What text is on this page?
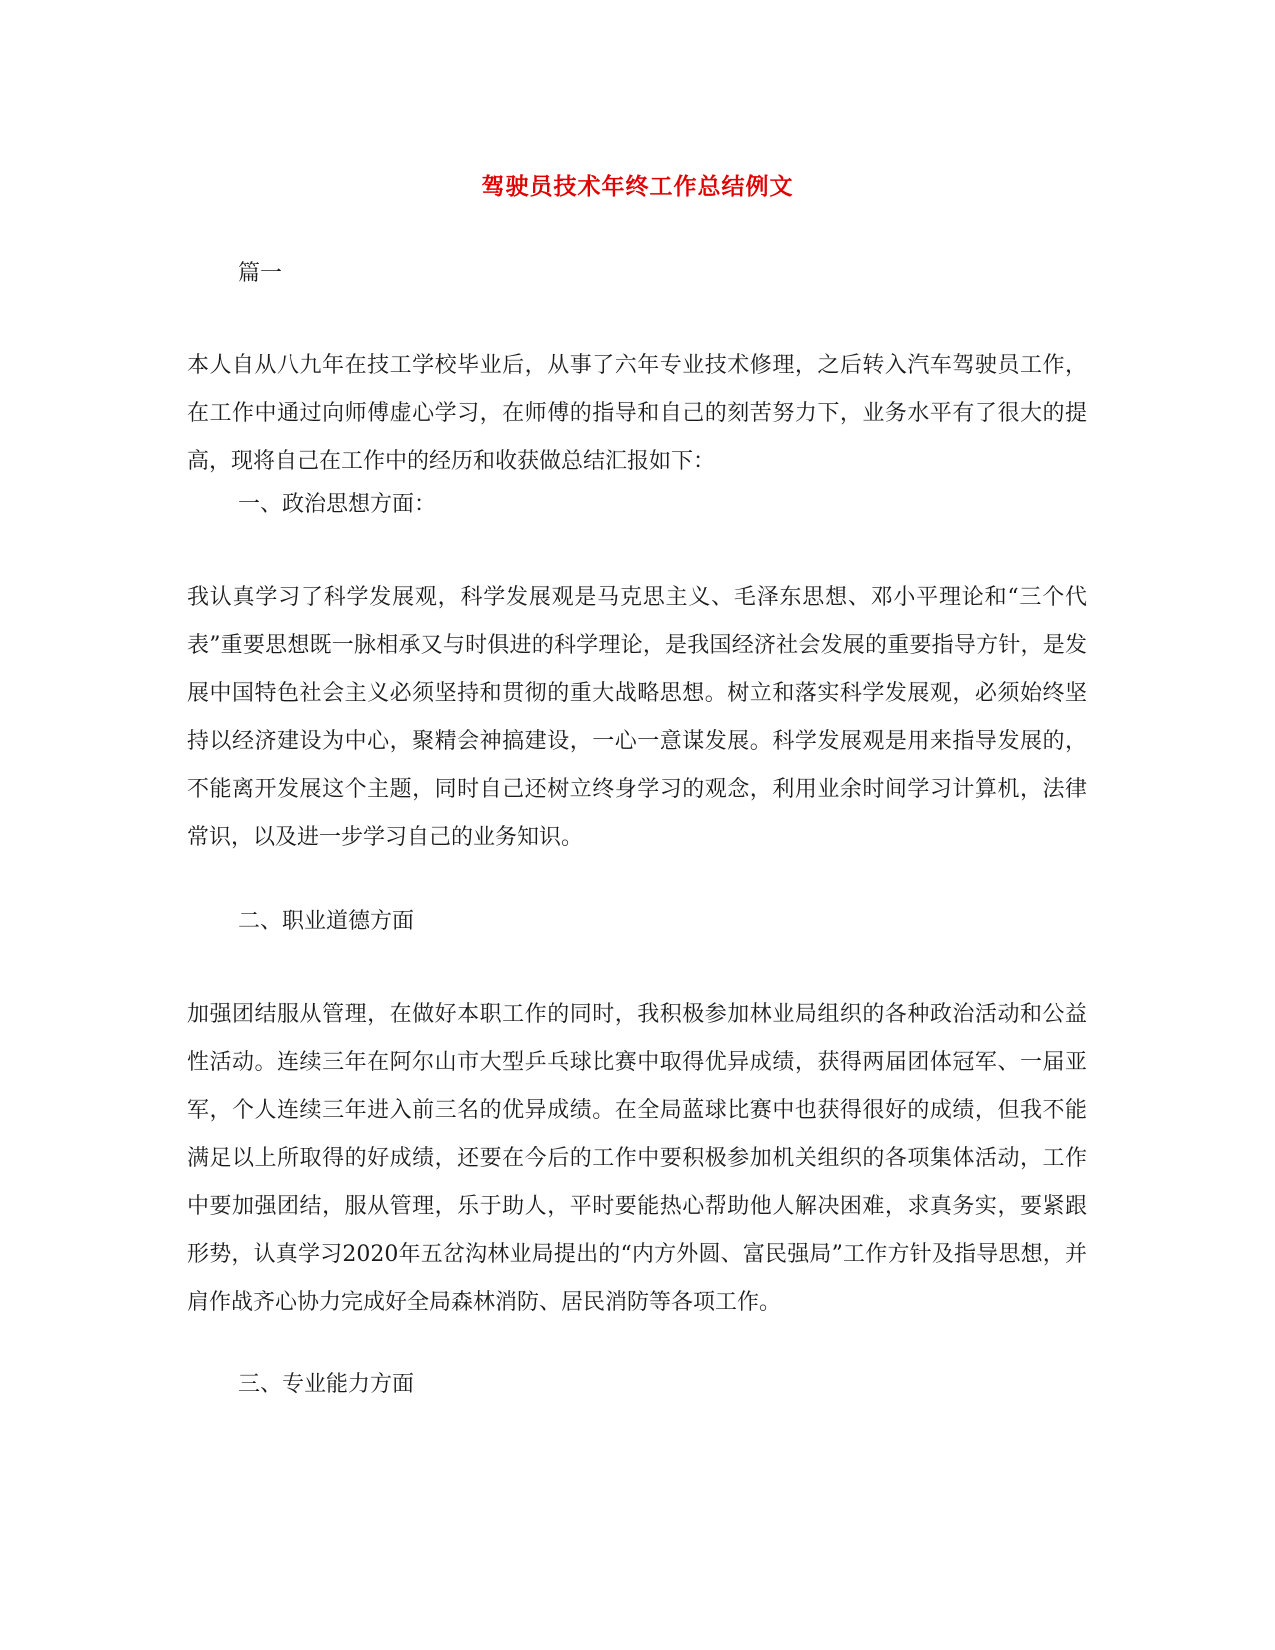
驾驶员技术年终工作总结例文

篇一

本人自从八九年在技工学校毕业后，从事了六年专业技术修理，之后转入汽车驾驶员工作，在工作中通过向师傅虚心学习，在师傅的指导和自己的刻苦努力下，业务水平有了很大的提高，现将自己在工作中的经历和收获做总结汇报如下：

一、政治思想方面：

我认真学习了科学发展观，科学发展观是马克思主义、毛泽东思想、邓小平理论和“三个代表”重要思想既一脉相承又与时俱进的科学理论，是我国经济社会发展的重要指导方针，是发展中国特色社会主义必须坚持和贯彻的重大战略思想。树立和落实科学发展观，必须始终坚持以经济建设为中心，聚精会神搞建设，一心一意谋发展。科学发展观是用来指导发展的，不能离开发展这个主题，同时自己还树立终身学习的观念，利用业余时间学习计算机，法律常识，以及进一步学习自己的业务知识。

二、职业道德方面

加强团结服从管理，在做好本职工作的同时，我积极参加林业局组织的各种政治活动和公益性活动。连续三年在阿尔山市大型乒乓球比赛中取得优异成绩，获得两届团体冠军、一届亚军，个人连续三年进入前三名的优异成绩。在全局蓝球比赛中也获得很好的成绩，但我不能满足以上所取得的好成绩，还要在今后的工作中要积极参加机关组织的各项集体活动，工作中要加强团结，服从管理，乐于助人，平时要能热心帮助他人解决困难，求真务实，要紧跟形势，认真学习2020年五岔沟林业局提出的“内方外圆、富民强局”工作方针及指导思想，并肩作战齐心协力完成好全局森林消防、居民消防等各项工作。

三、专业能力方面
